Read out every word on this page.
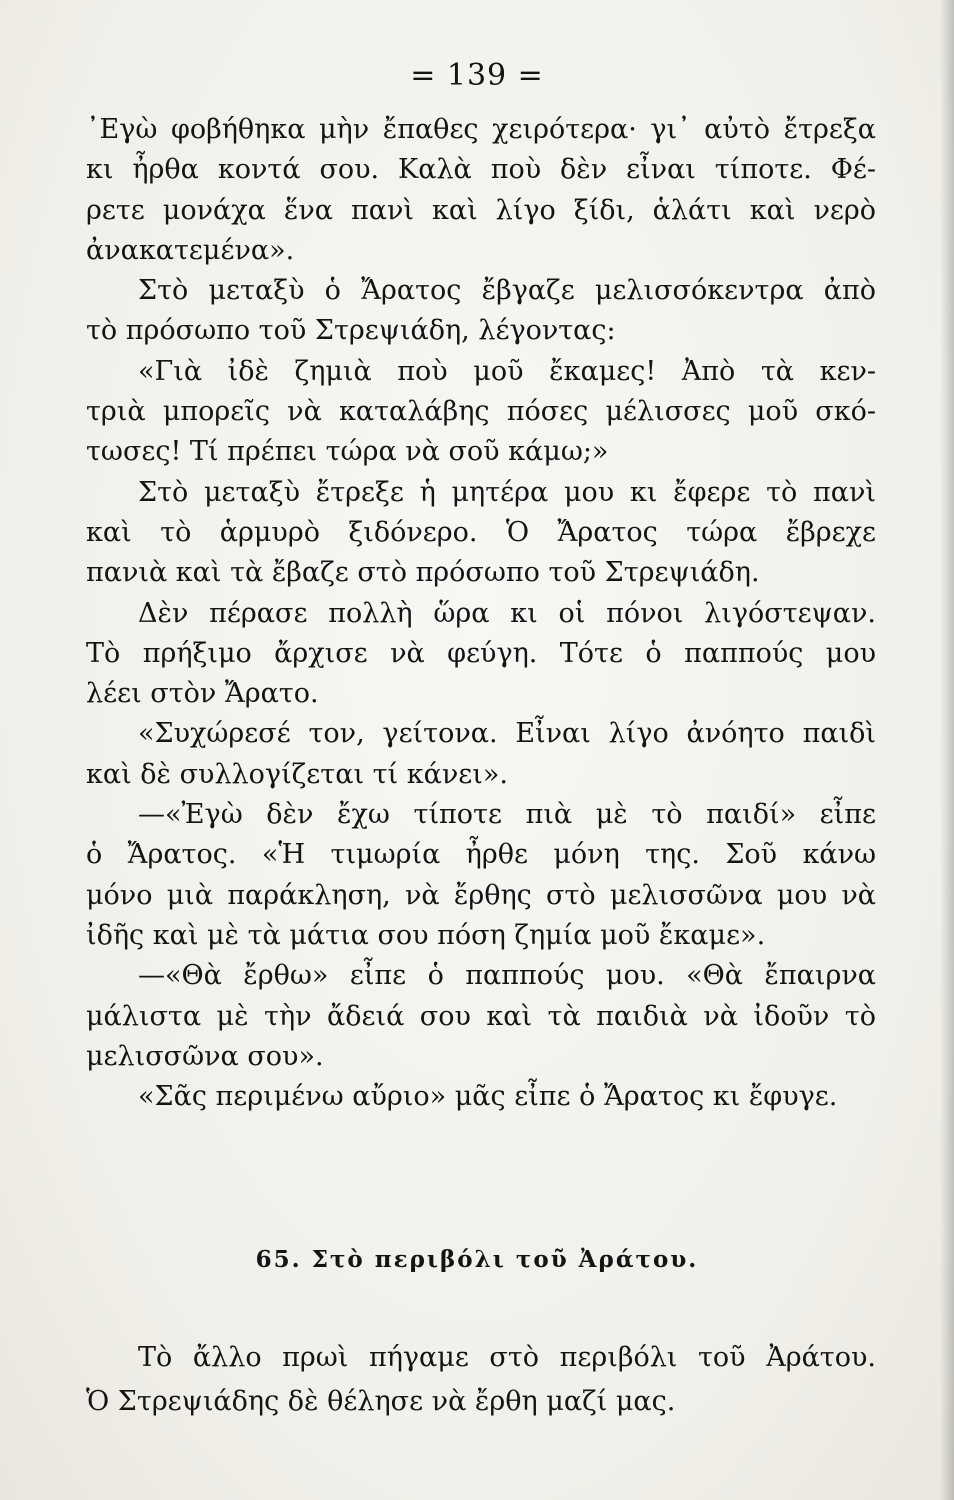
= 139 =
᾿Εγὼ φοβήθηκα μὴν ἔπαθες χειρότερα· γι᾿ αὐτὸ ἔτρεξα
κι ἦρθα κοντά σου. Καλὰ ποὺ δὲν εἶναι τίποτε. Φέ-
ρετε μονάχα ἕνα πανὶ καὶ λίγο ξίδι, ἁλάτι καὶ νερὸ
ἀνακατεμένα».
Στὸ μεταξὺ ὁ Ἄρατος ἔβγαζε μελισσόκεντρα ἀπὸ
τὸ πρόσωπο τοῦ Στρεψιάδη, λέγοντας:
«Γιὰ ἰδὲ ζημιὰ ποὺ μοῦ ἔκαμες! Ἀπὸ τὰ κεν-
τριὰ μπορεῖς νὰ καταλάβης πόσες μέλισσες μοῦ σκό-
τωσες! Τί πρέπει τώρα νὰ σοῦ κάμω;»
Στὸ μεταξὺ ἔτρεξε ἡ μητέρα μου κι ἔφερε τὸ πανὶ
καὶ τὸ ἁρμυρὸ ξιδόνερο. Ὁ Ἄρατος τώρα ἔβρεχε
πανιὰ καὶ τὰ ἔβαζε στὸ πρόσωπο τοῦ Στρεψιάδη.
Δὲν πέρασε πολλὴ ὥρα κι οἱ πόνοι λιγόστεψαν.
Τὸ πρήξιμο ἄρχισε νὰ φεύγη. Τότε ὁ παππούς μου
λέει στὸν Ἄρατο.
«Συχώρεσέ τον, γείτονα. Εἶναι λίγο ἀνόητο παιδὶ
καὶ δὲ συλλογίζεται τί κάνει».
—«Ἐγὼ δὲν ἔχω τίποτε πιὰ μὲ τὸ παιδί» εἶπε
ὁ Ἄρατος. «Ἡ τιμωρία ἦρθε μόνη της. Σοῦ κάνω
μόνο μιὰ παράκληση, νὰ ἔρθης στὸ μελισσῶνα μου νὰ
ἰδῆς καὶ μὲ τὰ μάτια σου πόση ζημία μοῦ ἔκαμε».
—«Θὰ ἔρθω» εἶπε ὁ παππούς μου. «Θὰ ἔπαιρνα
μάλιστα μὲ τὴν ἄδειά σου καὶ τὰ παιδιὰ νὰ ἰδοῦν τὸ
μελισσῶνα σου».
«Σᾶς περιμένω αὔριο» μᾶς εἶπε ὁ Ἄρατος κι ἔφυγε.
65. Στὸ περιβόλι τοῦ Ἀράτου.
Τὸ ἄλλο πρωὶ πήγαμε στὸ περιβόλι τοῦ Ἀράτου.
Ὁ Στρεψιάδης δὲ θέλησε νὰ ἔρθη μαζί μας.
